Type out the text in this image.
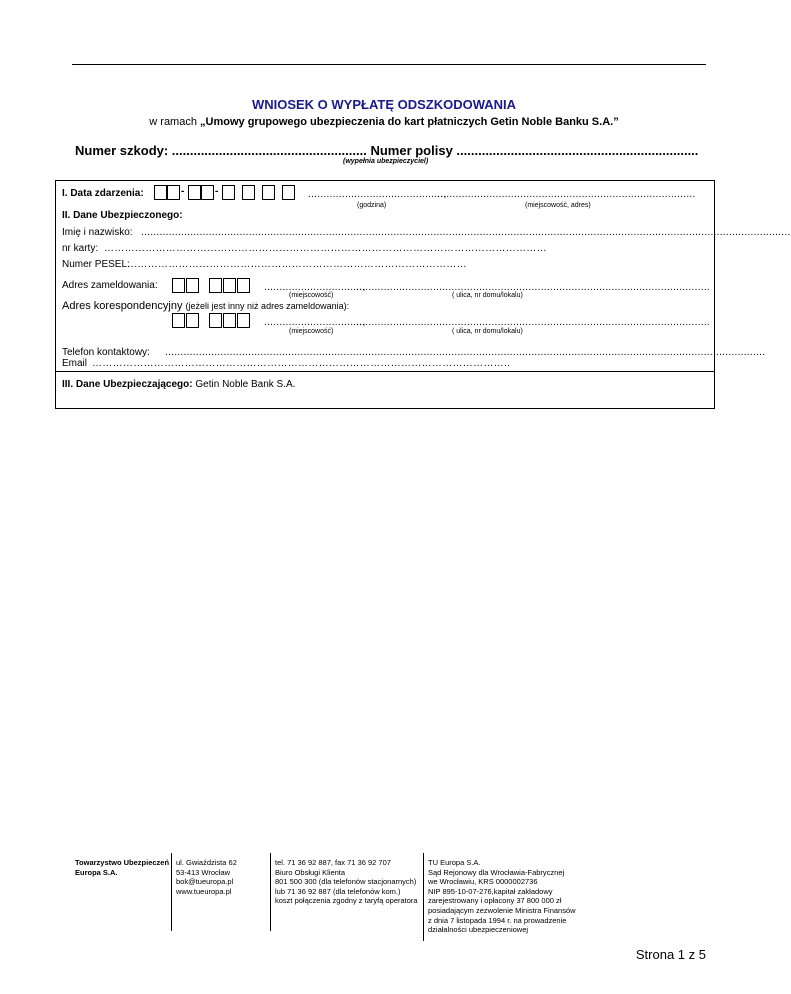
WNIOSEK O WYPŁATĘ ODSZKODOWANIA
w ramach „Umowy grupowego ubezpieczenia do kart płatniczych Getin Noble Banku S.A.”
Numer szkody: ...................................................... Numer polisy ...................................................................
(wypełnia ubezpieczyciel)
I. Data zdarzenia:	-	-	............................................,
....................................................................................
(godzina)	(miejscowość, adres)
II. Dane Ubezpieczonego:
Imię i nazwisko: ...................................................................................................................................................................................................................
nr karty: …………………………………………………………………………………………………………………
Numer PESEL:
………………………………………………………………………………………
Adres zameldowania:	................................,
...................................................................................................................
(miejscowość)	( ulica, nr domu/lokalu)
Adres korespondencyjny (jeżeli jest inny niż adres zameldowania):
................................,
...................................................................................................................
(miejscowość)	( ulica, nr domu/lokalu)
Telefon kontaktowy: ...................................................................................................................................................................................................
Email …………………………………………………………………………………………………………..
III. Dane Ubezpieczającego: Getin Noble Bank S.A.
Towarzystwo Ubezpieczeń
Europa S.A.
ul. Gwiaździsta 62
53-413 Wrocław
bok@tueuropa.pl
www.tueuropa.pl
tel. 71 36 92 887, fax 71 36 92 707
Biuro Obsługi Klienta
801 500 300 (dla telefonów stacjonarnych)
lub 71 36 92 887 (dla telefonów kom.)
koszt połączenia zgodny z taryfą operatora
TU Europa S.A.
Sąd Rejonowy dla Wrocławia-Fabrycznej
we Wrocławiu, KRS 0000002736
NIP 895-10-07-276,kapitał zakładowy
zarejestrowany i opłacony 37 800 000 zł
posiadającym zezwolenie Ministra Finansów
z dnia 7 listopada 1994 r. na prowadzenie
działalności ubezpieczeniowej
Strona 1 z 5
